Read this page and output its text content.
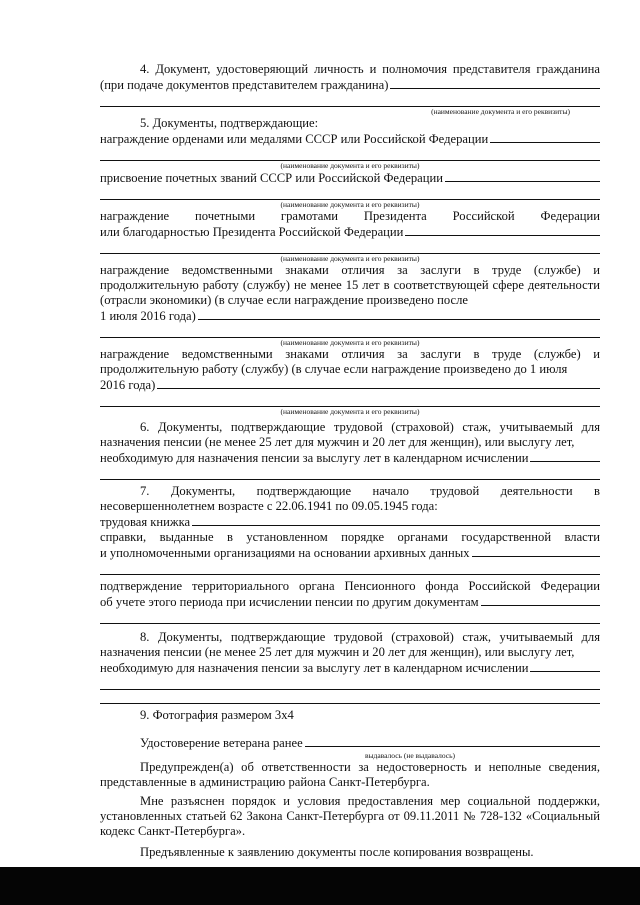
4. Документ, удостоверяющий личность и полномочия представителя гражданина

(при подаче документов представителем гражданина)
(наименование документа и его реквизиты)

5. Документы, подтверждающие:

награждение орденами или медалями СССР или Российской Федерации
(наименование документа и его реквизиты)
присвоение почетных званий СССР или Российской Федерации
(наименование документа и его реквизиты)

награждение почетными грамотами Президента Российской Федерации

или благодарностью Президента Российской Федерации
(наименование документа и его реквизиты)

награждение ведомственными знаками отличия за заслуги в труде (службе) и продолжительную работу (службу) не менее 15 лет в соответствующей сфере деятельности (отрасли экономики) (в случае если награждение произведено после

1 июля 2016 года)
(наименование документа и его реквизиты)

награждение ведомственными знаками отличия за заслуги в труде (службе) и продолжительную работу (службу) (в случае если награждение произведено до 1 июля

2016 года)
(наименование документа и его реквизиты)

6. Документы, подтверждающие трудовой (страховой) стаж, учитываемый для назначения пенсии (не менее 25 лет для мужчин и 20 лет для женщин), или выслугу лет,

необходимую для назначения пенсии за выслугу лет в календарном исчислении

7. Документы, подтверждающие начало трудовой деятельности в

несовершеннолетнем возрасте с 22.06.1941 по 09.05.1945 года:

трудовая книжка

справки, выданные в установленном порядке органами государственной власти

и уполномоченными организациями на основании архивных данных

подтверждение территориального органа Пенсионного фонда Российской Федерации

об учете этого периода при исчислении пенсии по другим документам

8. Документы, подтверждающие трудовой (страховой) стаж, учитываемый для назначения пенсии (не менее 25 лет для мужчин и 20 лет для женщин), или выслугу лет,

необходимую для назначения пенсии за выслугу лет в календарном исчислении

9. Фотография размером 3х4

Удостоверение ветерана ранее
выдавалось (не выдавалось)

Предупрежден(а) об ответственности за недостоверность и неполные сведения, представленные в администрацию района Санкт-Петербурга.

Мне разъяснен порядок и условия предоставления мер социальной поддержки, установленных статьей 62 Закона Санкт-Петербурга от 09.11.2011 № 728-132 «Социальный кодекс Санкт-Петербурга».

Предъявленные к заявлению документы после копирования возвращены.
